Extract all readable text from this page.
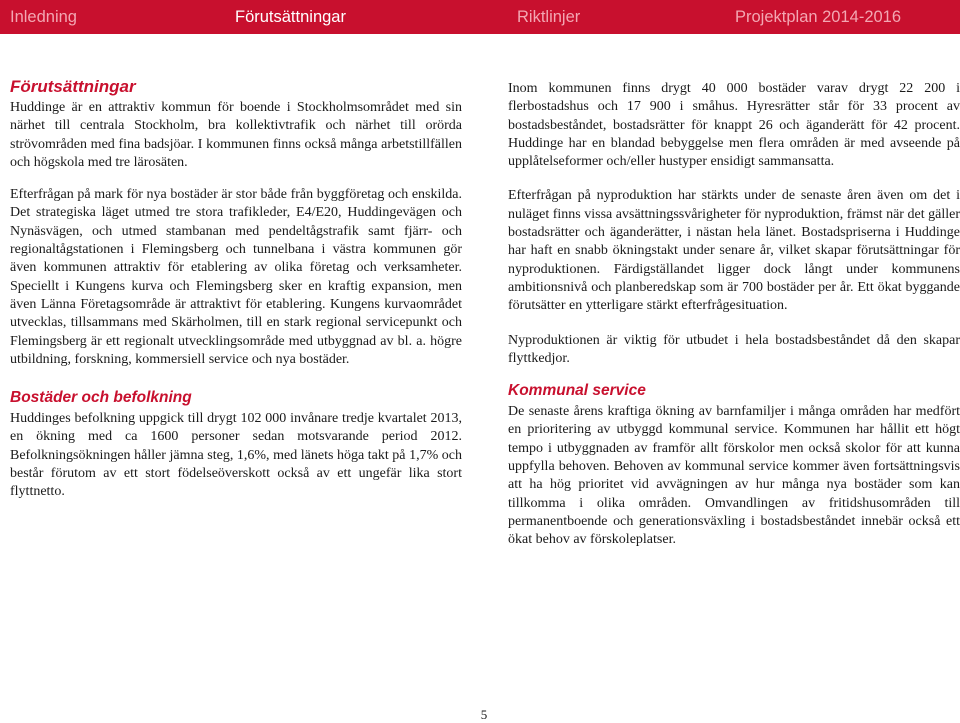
Inledning	Förutsättningar	Riktlinjer	Projektplan 2014-2016
Förutsättningar

Huddinge är en attraktiv kommun för boende i Stockholmsområdet med sin närhet till centrala Stockholm, bra kollektivtrafik och närhet till orörda strövområden med fina badsjöar. I kommunen finns också många arbetstillfällen och högskola med tre lärosäten.

Efterfrågan på mark för nya bostäder är stor både från byggföretag och enskilda. Det strategiska läget utmed tre stora trafikleder, E4/E20, Huddingevägen och Nynäsvägen, och utmed stambanan med pendeltågstrafik samt fjärr- och regionaltågstationen i Flemingsberg och tunnelbana i västra kommunen gör även kommunen attraktiv för etablering av olika företag och verksamheter. Speciellt i Kungens kurva och Flemingsberg sker en kraftig expansion, men även Länna Företagsområde är attraktivt för etablering. Kungens kurvaområdet utvecklas, tillsammans med Skärholmen, till en stark regional servicepunkt och Flemingsberg är ett regionalt utvecklingsområde med utbyggnad av bl. a. högre utbildning, forskning, kommersiell service och nya bostäder.

Bostäder och befolkning

Huddinges befolkning uppgick till drygt 102 000 invånare tredje kvartalet 2013, en ökning med ca 1600 personer sedan motsvarande period 2012. Befolkningsökningen håller jämna steg, 1,6%, med länets höga takt på 1,7% och består förutom av ett stort födelseöverskott också av ett ungefär lika stort flyttnetto.

Inom kommunen finns drygt 40 000 bostäder varav drygt 22 200 i flerbostadshus och 17 900 i småhus. Hyresrätter står för 33 procent av bostadsbeståndet, bostadsrätter för knappt 26 och äganderätt för 42 procent. Huddinge har en blandad bebyggelse men flera områden är med avseende på upplåtelseformer och/eller hustyper ensidigt sammansatta.

Efterfrågan på nyproduktion har stärkts under de senaste åren även om det i nuläget finns vissa avsättningssvårigheter för nyproduktion, främst när det gäller bostadsrätter och äganderätter, i nästan hela länet. Bostadspriserna i Huddinge har haft en snabb ökningstakt under senare år, vilket skapar förutsättningar för nyproduktionen. Färdigställandet ligger dock långt under kommunens ambitionsnivå och planberedskap som är 700 bostäder per år. Ett ökat byggande förutsätter en ytterligare stärkt efterfrågesituation.

Nyproduktionen är viktig för utbudet i hela bostadsbeståndet då den skapar flyttkedjor.

Kommunal service

De senaste årens kraftiga ökning av barnfamiljer i många områden har medfört en prioritering av utbyggd kommunal service. Kommunen har hållit ett högt tempo i utbyggnaden av framför allt förskolor men också skolor för att kunna uppfylla behoven. Behoven av kommunal service kommer även fortsättningsvis att ha hög prioritet vid avvägningen av hur många nya bostäder som kan tillkomma i olika områden. Omvandlingen av fritidshusområden till permanentboende och generationsväxling i bostadsbeståndet innebär också ett ökat behov av förskoleplatser.

5
